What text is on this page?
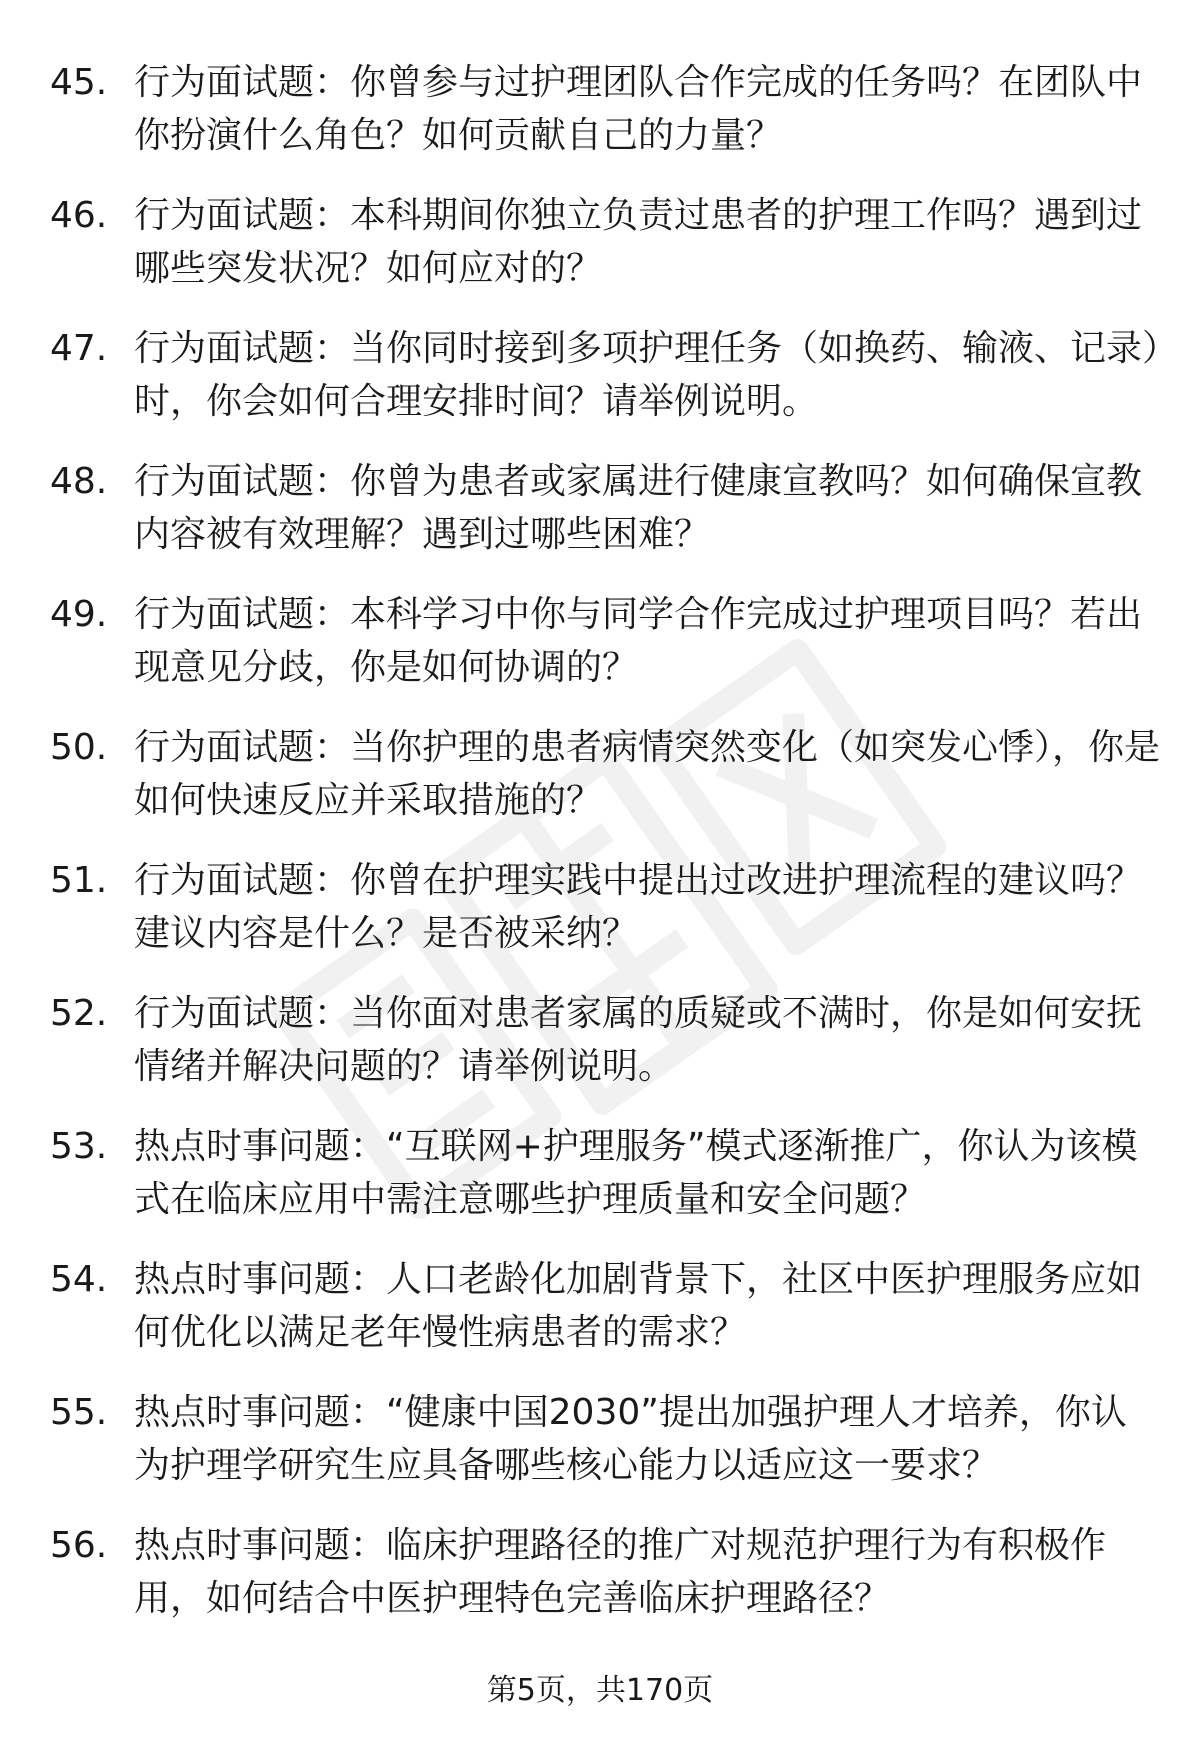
45. 行为面试题：你曾参与过护理团队合作完成的任务吗？在团队中你扮演什么角色？如何贡献自己的力量？
46. 行为面试题：本科期间你独立负责过患者的护理工作吗？遇到过哪些突发状况？如何应对的？
47. 行为面试题：当你同时接到多项护理任务（如换药、输液、记录）时，你会如何合理安排时间？请举例说明。
48. 行为面试题：你曾为患者或家属进行健康宣教吗？如何确保宣教内容被有效理解？遇到过哪些困难？
49. 行为面试题：本科学习中你与同学合作完成过护理项目吗？若出现意见分歧，你是如何协调的？
50. 行为面试题：当你护理的患者病情突然变化（如突发心悸），你是如何快速反应并采取措施的？
51. 行为面试题：你曾在护理实践中提出过改进护理流程的建议吗？建议内容是什么？是否被采纳？
52. 行为面试题：当你面对患者家属的质疑或不满时，你是如何安抚情绪并解决问题的？请举例说明。
53. 热点时事问题：“互联网+护理服务”模式逐渐推广，你认为该模式在临床应用中需注意哪些护理质量和安全问题？
54. 热点时事问题：人口老龄化加剧背景下，社区中医护理服务应如何优化以满足老年慢性病患者的需求？
55. 热点时事问题：“健康中国2030”提出加强护理人才培养，你认为护理学研究生应具备哪些核心能力以适应这一要求？
56. 热点时事问题：临床护理路径的推广对规范护理行为有积极作用，如何结合中医护理特色完善临床护理路径？
第5页，共170页
